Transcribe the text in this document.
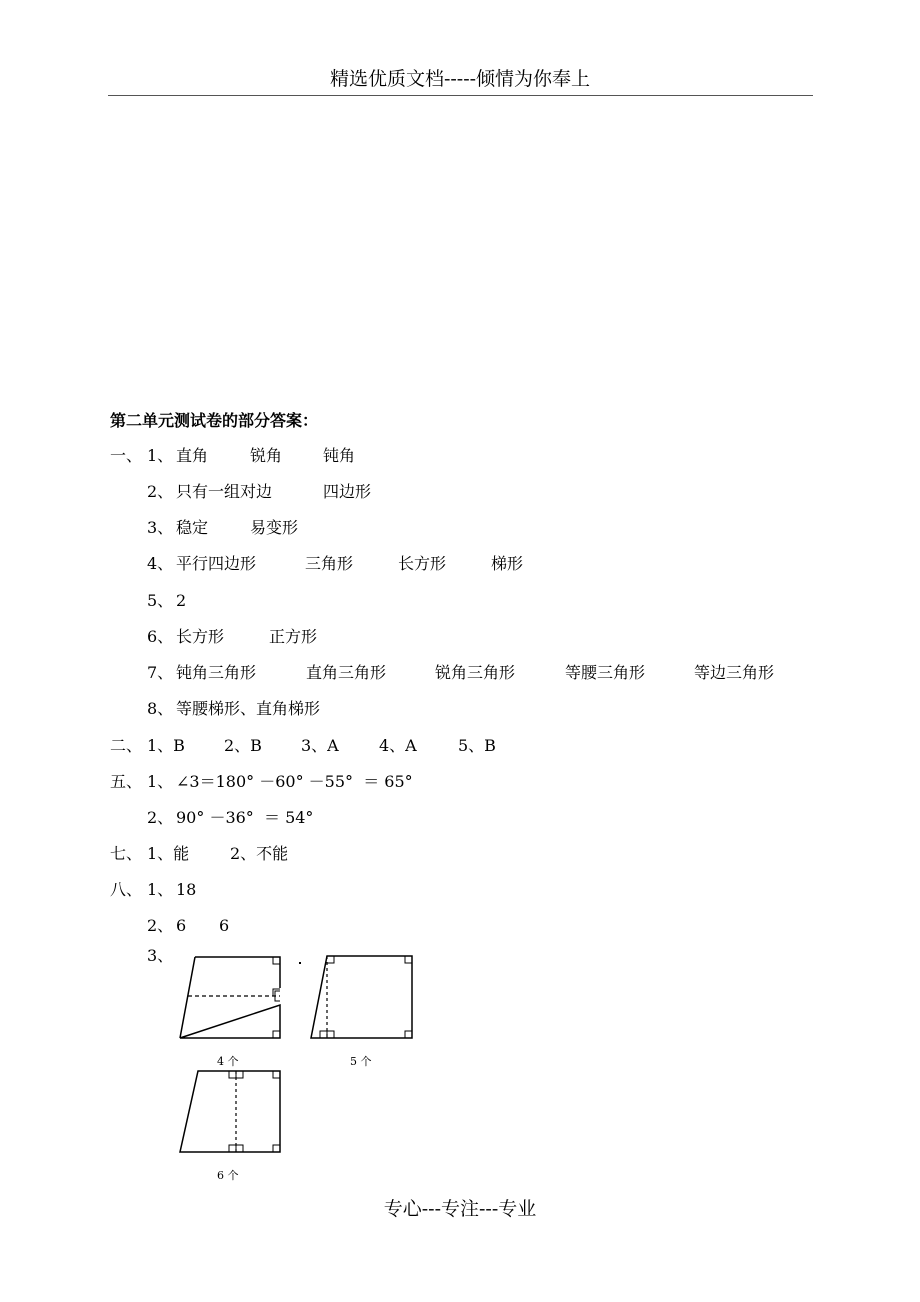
精选优质文档-----倾情为你奉上
第二单元测试卷的部分答案：
一、 1、 直角	锐角	钝角
2、 只有一组对边	四边形
3、 稳定	易变形
4、 平行四边形	三角形	长方形	梯形
5、 2
6、 长方形	正方形
7、 钝角三角形	直角三角形	锐角三角形	等腰三角形	等边三角形
8、 等腰梯形、直角梯形
二、 1、B 2、B 3、A	4、A	5、B
五、 1、 ∠3＝180° －60° －55°  ＝ 65°
2、 90° －36°  ＝ 54°
七、 1、能	2、不能
八、 1、 18
2、 6 6
3、
4 个	5 个
6 个
专心---专注---专业
